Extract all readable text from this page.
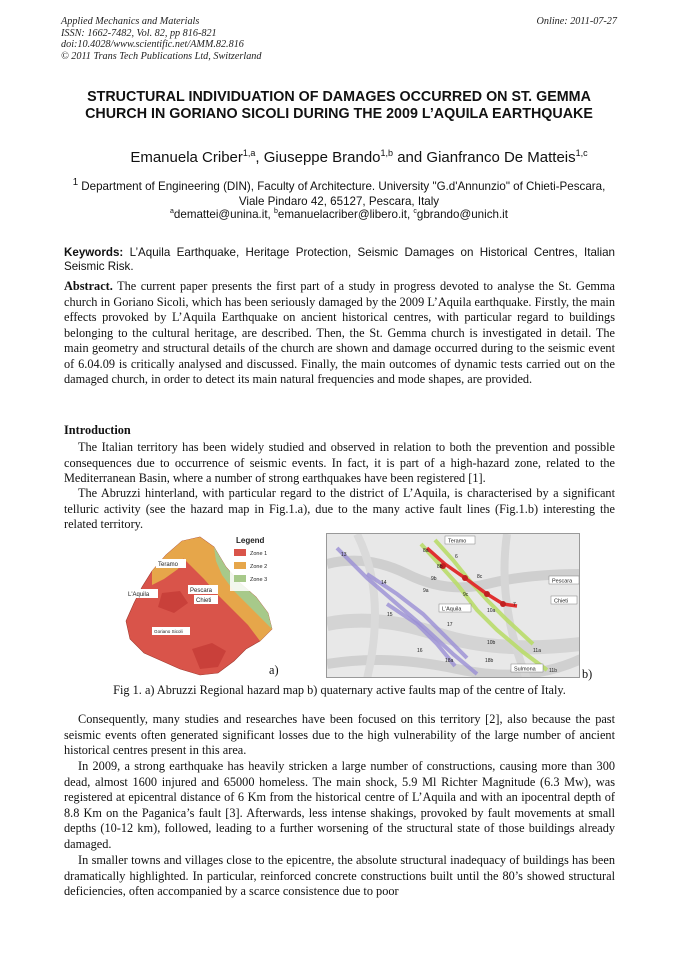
Applied Mechanics and Materials
ISSN: 1662-7482, Vol. 82, pp 816-821
doi:10.4028/www.scientific.net/AMM.82.816
© 2011 Trans Tech Publications Ltd, Switzerland
Online: 2011-07-27
STRUCTURAL INDIVIDUATION OF DAMAGES OCCURRED ON ST. GEMMA CHURCH IN GORIANO SICOLI DURING THE 2009 L’AQUILA EARTHQUAKE
Emanuela Criber$^{1,a}$, Giuseppe Brando$^{1,b}$ and Gianfranco De Matteis$^{1,c}$
$^1$ Department of Engineering (DIN), Faculty of Architecture. University "G.d'Annunzio" of Chieti-Pescara, Viale Pindaro 42, 65127, Pescara, Italy
$^a$demattei@unina.it, $^b$emanuelacriber@libero.it, $^c$gbrando@unich.it
Keywords: L’Aquila Earthquake, Heritage Protection, Seismic Damages on Historical Centres, Italian Seismic Risk.
Abstract. The current paper presents the first part of a study in progress devoted to analyse the St. Gemma church in Goriano Sicoli, which has been seriously damaged by the 2009 L’Aquila earthquake. Firstly, the main effects provoked by L’Aquila Earthquake on ancient historical centres, with particular regard to buildings belonging to the cultural heritage, are described. Then, the St. Gemma church is investigated in detail. The main geometry and structural details of the church are shown and damage occurred during to the seismic event of 6.04.09 is critically analysed and discussed. Finally, the main outcomes of dynamic tests carried out on the damaged church, in order to detect its main natural frequencies and mode shapes, are provided.
Introduction
The Italian territory has been widely studied and observed in relation to both the prevention and possible consequences due to occurrence of seismic events. In fact, it is part of a high-hazard zone, related to the Mediterranean Basin, where a number of strong earthquakes have been registered [1].
The Abruzzi hinterland, with particular regard to the district of L’Aquila, is characterised by a significant telluric activity (see the hazard map in Fig.1.a), due to the many active fault lines (Fig.1.b) interesting the related territory.
Legend
Zone 1
Zone 2
Zone 3
Teramo
L'Aquila
Pescara
Chieti
Goriano Sicoli
a)
Teramo
Pescara
Chieti
L'Aquila
Sulmona
13
14
15
16
17
18a	18b
9a
9b
9c
8a
8b
6
8c
10a
10b
11a
11b
7
b)
Fig 1. a) Abruzzi Regional hazard map b) quaternary active faults map of the centre of Italy.
Consequently, many studies and researches have been focused on this territory [2], also because the past seismic events often generated significant losses due to the high vulnerability of the large number of ancient historical centres present in this area.
In 2009, a strong earthquake has heavily stricken a large number of constructions, causing more than 300 dead, almost 1600 injured and 65000 homeless. The main shock, 5.9 Ml Richter Magnitude (6.3 Mw), was registered at epicentral distance of 6 Km from the historical centre of L’Aquila and with an ipocentral depth of 8.8 Km on the Paganica’s fault [3]. Afterwards, less intense shakings, provoked by fault movements at small depths (10-12 km), followed, leading to a further worsening of the structural state of those buildings already damaged.
In smaller towns and villages close to the epicentre, the absolute structural inadequacy of buildings has been dramatically highlighted. In particular, reinforced concrete constructions built until the 80’s showed structural deficiencies, often accompanied by a scarce consistence due to poor
